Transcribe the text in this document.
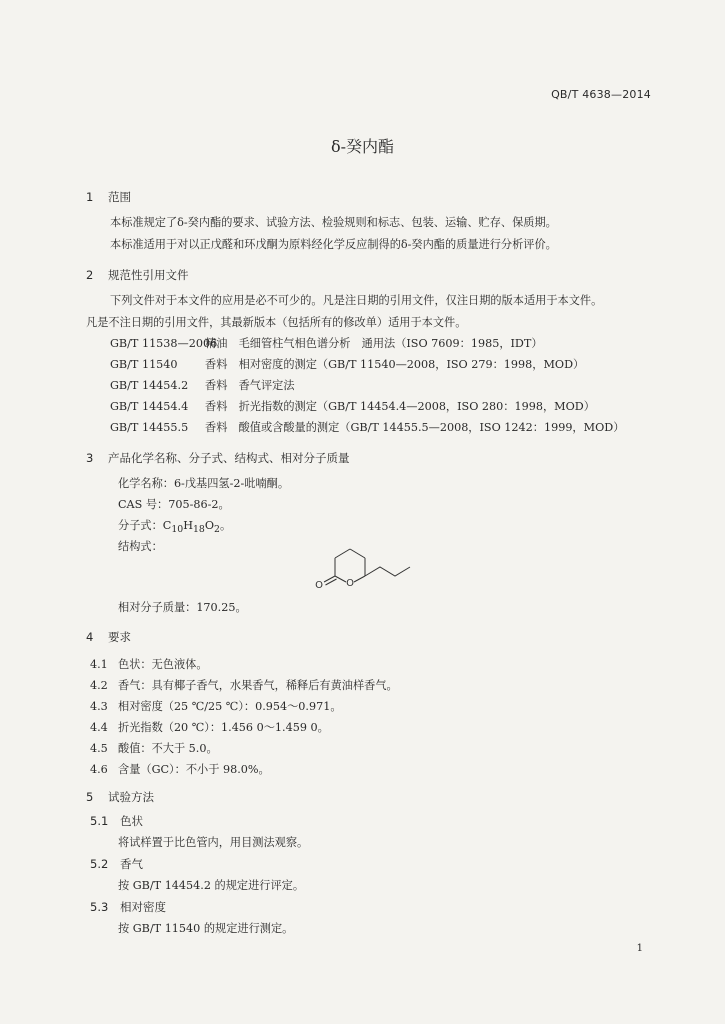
QB/T 4638—2014
δ-癸内酯
1 范围
本标准规定了δ-癸内酯的要求、试验方法、检验规则和标志、包装、运输、贮存、保质期。
本标准适用于对以正戊醛和环戊酮为原料经化学反应制得的δ-癸内酯的质量进行分析评价。
2 规范性引用文件
下列文件对于本文件的应用是必不可少的。凡是注日期的引用文件，仅注日期的版本适用于本文件。
凡是不注日期的引用文件，其最新版本（包括所有的修改单）适用于本文件。
GB/T 11538—2006精油　毛细管柱气相色谱分析　通用法（ISO 7609：1985，IDT）
GB/T 11540 香料　相对密度的测定（GB/T 11540—2008，ISO 279：1998，MOD）
GB/T 14454.2 香料　香气评定法
GB/T 14454.4 香料　折光指数的测定（GB/T 14454.4—2008，ISO 280：1998，MOD）
GB/T 14455.5 香料　酸值或含酸量的测定（GB/T 14455.5—2008，ISO 1242：1999，MOD）
3 产品化学名称、分子式、结构式、相对分子质量
化学名称：6-戊基四氢-2-吡喃酮。
CAS 号：705-86-2。
分子式：$C_{10}H_{18}O_2$。
结构式：
O
O
相对分子质量：170.25。
4 要求
4.1 色状：无色液体。
4.2 香气：具有椰子香气，水果香气，稀释后有黄油样香气。
4.3 相对密度（25 ℃/25 ℃）：0.954～0.971。
4.4 折光指数（20 ℃）：1.456 0～1.459 0。
4.5 酸值：不大于 5.0。
4.6 含量（GC）：不小于 98.0%。
5 试验方法
5.1 色状
将试样置于比色管内，用目测法观察。
5.2 香气
按 GB/T 14454.2 的规定进行评定。
5.3 相对密度
按 GB/T 11540 的规定进行测定。
1
